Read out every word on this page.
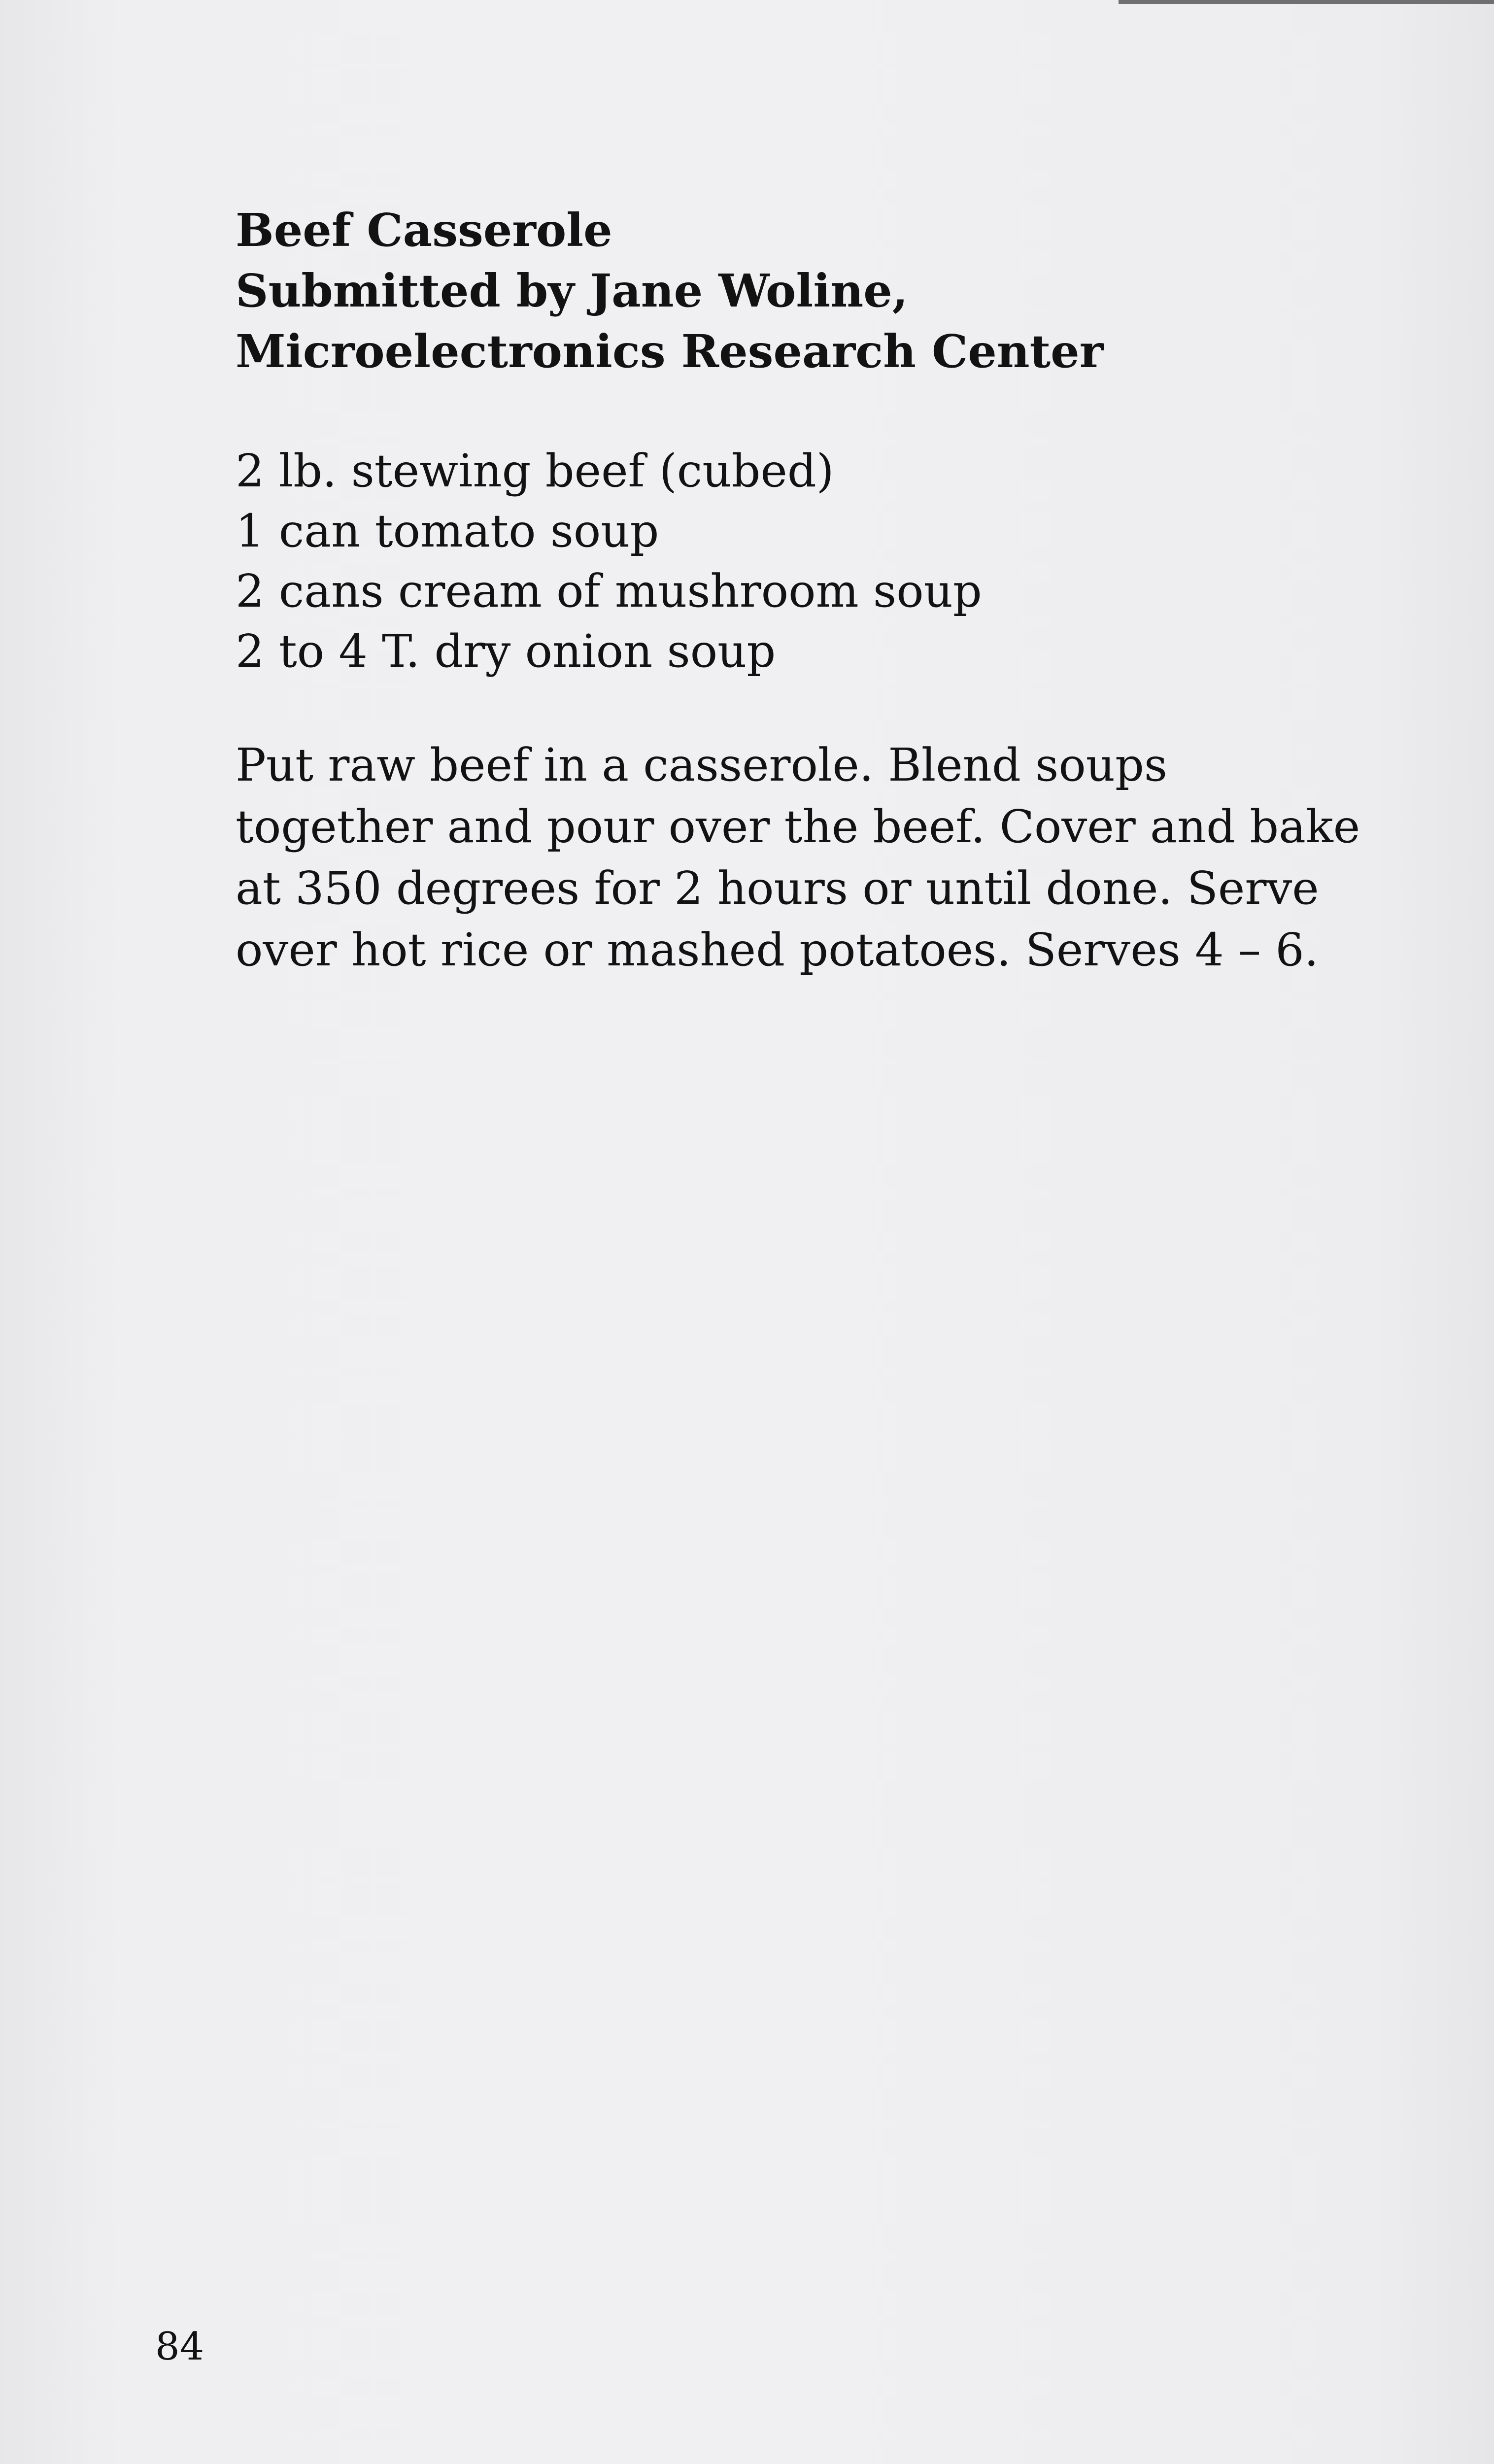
Beef Casserole
Submitted by Jane Woline,
Microelectronics Research Center
2 lb. stewing beef (cubed)
1 can tomato soup
2 cans cream of mushroom soup
2 to 4 T. dry onion soup

Put raw beef in a casserole. Blend soups
together and pour over the beef. Cover and bake
at 350 degrees for 2 hours or until done. Serve
over hot rice or mashed potatoes. Serves 4 – 6.

84
